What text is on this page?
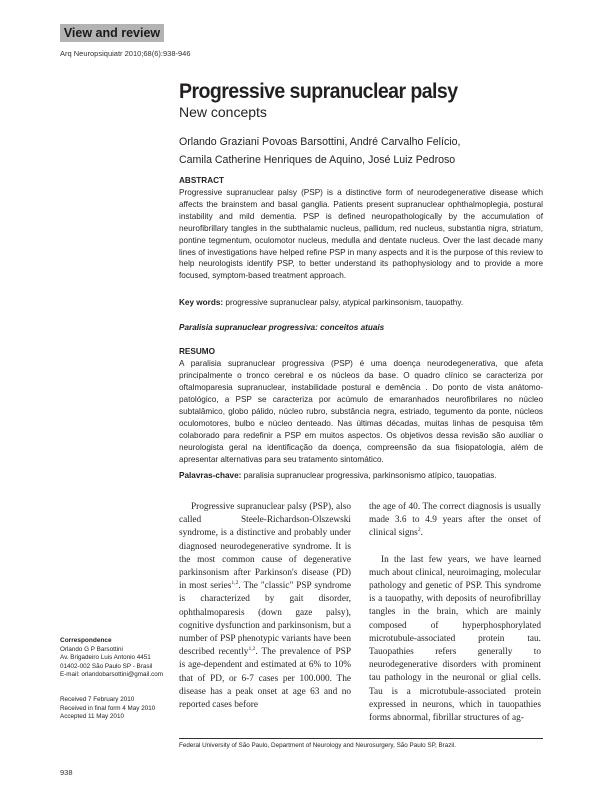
View and review
Arq Neuropsiquiatr 2010;68(6):938-946
Progressive supranuclear palsy
New concepts
Orlando Graziani Povoas Barsottini, André Carvalho Felício,
Camila Catherine Henriques de Aquino, José Luiz Pedroso
ABSTRACT
Progressive supranuclear palsy (PSP) is a distinctive form of neurodegenerative disease which affects the brainstem and basal ganglia. Patients present supranuclear ophthalmoplegia, postural instability and mild dementia. PSP is defined neuropathologically by the accumulation of neurofibrillary tangles in the subthalamic nucleus, pallidum, red nucleus, substantia nigra, striatum, pontine tegmentum, oculomotor nucleus, medulla and dentate nucleus. Over the last decade many lines of investigations have helped refine PSP in many aspects and it is the purpose of this review to help neurologists identify PSP, to better understand its pathophysiology and to provide a more focused, symptom-based treatment approach.
Key words: progressive supranuclear palsy, atypical parkinsonism, tauopathy.
Paralisia supranuclear progressiva: conceitos atuais
RESUMO
A paralisia supranuclear progressiva (PSP) é uma doença neurodegenerativa, que afeta principalmente o tronco cerebral e os núcleos da base. O quadro clínico se caracteriza por oftalmoparesia supranuclear, instabilidade postural e demência . Do ponto de vista anátomo-patológico, a PSP se caracteriza por acúmulo de emaranhados neurofibrilares no núcleo subtalâmico, globo pálido, núcleo rubro, substância negra, estriado, tegumento da ponte, núcleos oculomotores, bulbo e núcleo denteado. Nas últimas décadas, muitas linhas de pesquisa têm colaborado para redefinir a PSP em muitos aspectos. Os objetivos dessa revisão são auxiliar o neurologista geral na identificação da doença, compreensão da sua fisiopatologia, além de apresentar alternativas para seu tratamento sintomático.
Palavras-chave: paralisia supranuclear progressiva, parkinsonismo atípico, tauopatias.

Progressive supranuclear palsy (PSP), also called Steele-Richardson-Olszewski syndrome, is a distinctive and probably under diagnosed neurodegenerative syndrome. It is the most common cause of degenerative parkinsonism after Parkinson's disease (PD) in most series$^{1,2}$. The "classic" PSP syndrome is characterized by gait disorder, ophthalmoparesis (down gaze palsy), cognitive dysfunction and parkinsonism, but a number of PSP phenotypic variants have been described recently$^{1,2}$. The prevalence of PSP is age-dependent and estimated at 6% to 10% that of PD, or 6-7 cases per 100.000. The disease has a peak onset at age 63 and no reported cases before

the age of 40. The correct diagnosis is usually made 3.6 to 4.9 years after the onset of clinical signs$^2$.

In the last few years, we have learned much about clinical, neuroimaging, molecular pathology and genetic of PSP. This syndrome is a tauopathy, with deposits of neurofibrillay tangles in the brain, which are mainly composed of hyperphosphorylated microtubule-associated protein tau. Tauopathies refers generally to neurodegenerative disorders with prominent tau pathology in the neuronal or glial cells. Tau is a microtubule-associated protein expressed in neurons, which in tauopathies forms abnormal, fibrillar structures of ag-

Correspondence
Orlando G P Barsottini
Av. Brigadeiro Luis Antonio 4451
01402-002 São Paulo SP - Brasil
E-mail: orlandobarsottini@gmail.com
Received 7 February 2010
Received in final form 4 May 2010
Accepted 11 May 2010
Federal University of São Paulo, Department of Neurology and Neurosurgery, São Paulo SP, Brazil.
938
